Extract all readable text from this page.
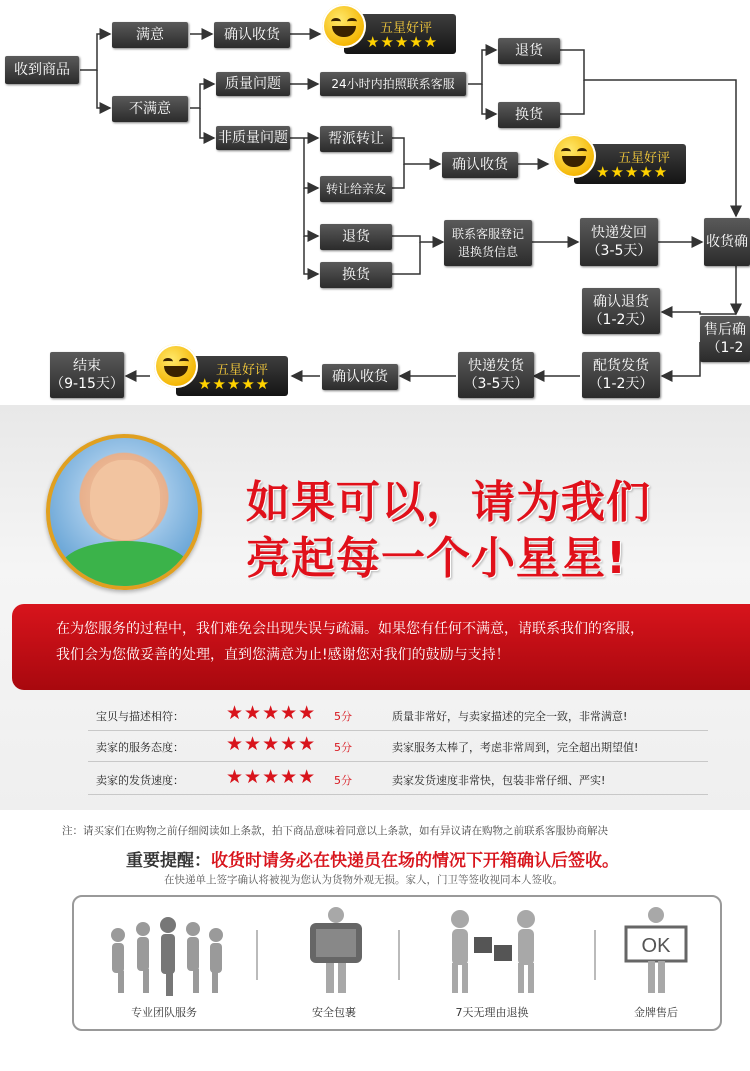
收到商品
满意	确认收货
不满意
质量问题	24小时内拍照联系客服
退货
换货
非质量问题	帮派转让
转让给亲友
确认收货
退货
换货
联系客服登记
退换货信息
快递发回
（3-5天）
收货确
确认退货
（1-2天）
售后确
（1-2
配货发货
（1-2天）
快递发货
（3-5天）
确认收货
结束
（9-15天）
五星好评
★★★★★
五星好评
★★★★★
五星好评
★★★★★
如果可以，请为我们
亮起每一个小星星!
在为您服务的过程中，我们难免会出现失误与疏漏。如果您有任何不满意，请联系我们的客服，
我们会为您做妥善的处理，直到您满意为止!感谢您对我们的鼓励与支持！
宝贝与描述相符： ★★★★★ 5分	质量非常好，与卖家描述的完全一致，非常满意!
卖家的服务态度： ★★★★★ 5分	卖家服务太棒了，考虑非常周到，完全超出期望值!
卖家的发货速度： ★★★★★ 5分	卖家发货速度非常快，包装非常仔细、严实!
注：请买家们在购物之前仔细阅读如上条款，拍下商品意味着同意以上条款，如有异议请在购物之前联系客服协商解决
重要提醒：收货时请务必在快递员在场的情况下开箱确认后签收。
在快递单上签字确认将被视为您认为货物外观无损。家人，门卫等签收视同本人签收。
OK
专业团队服务	安全包裹	7天无理由退换	金牌售后
